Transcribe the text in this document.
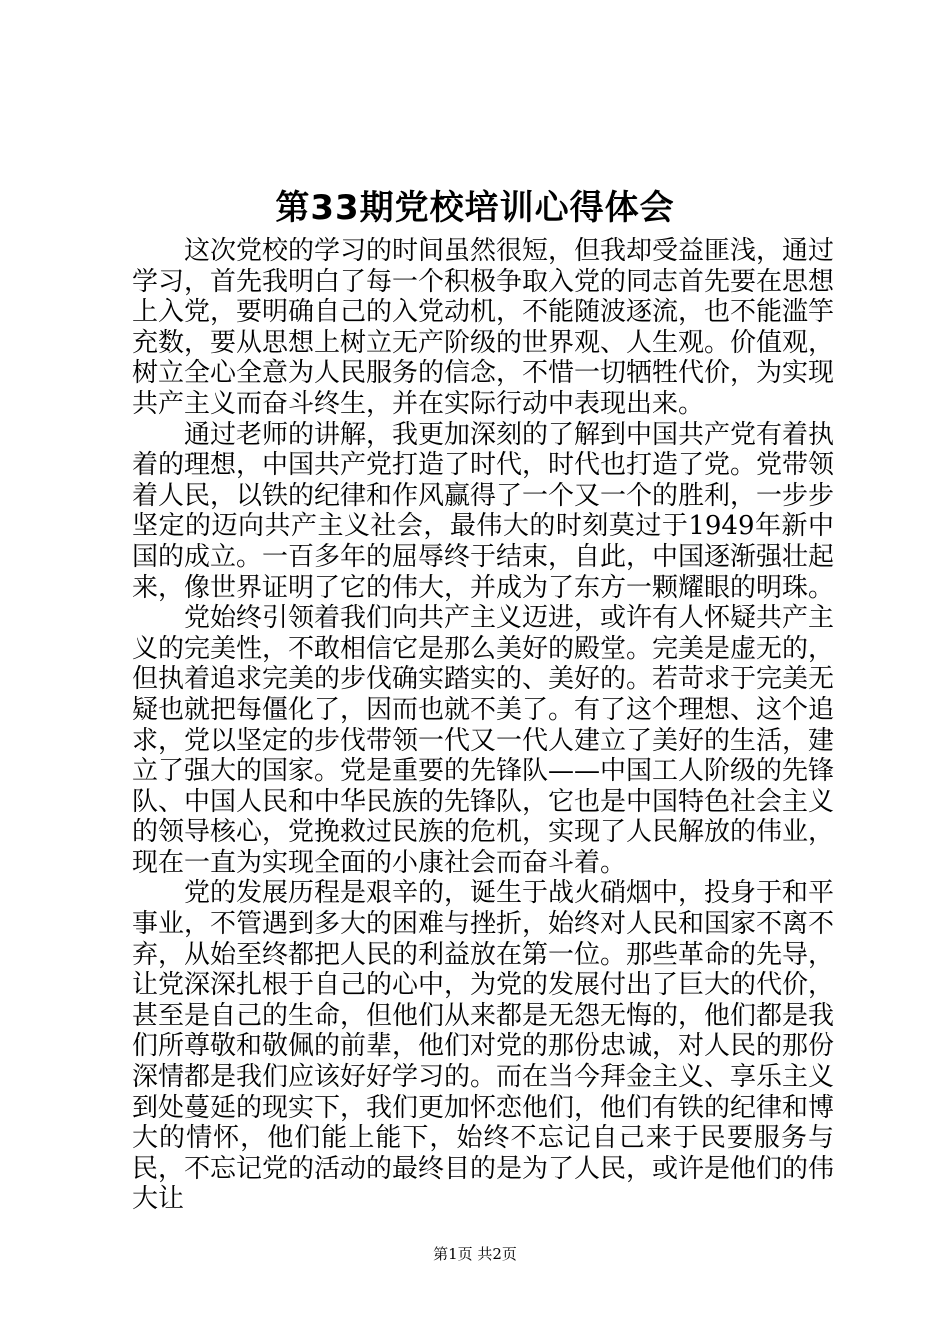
第33期党校培训心得体会

这次党校的学习的时间虽然很短，但我却受益匪浅，通过学习，首先我明白了每一个积极争取入党的同志首先要在思想上入党，要明确自己的入党动机，不能随波逐流，也不能滥竽充数，要从思想上树立无产阶级的世界观、人生观。价值观，树立全心全意为人民服务的信念，不惜一切牺牲代价，为实现共产主义而奋斗终生，并在实际行动中表现出来。

通过老师的讲解，我更加深刻的了解到中国共产党有着执着的理想，中国共产党打造了时代，时代也打造了党。党带领着人民，以铁的纪律和作风赢得了一个又一个的胜利，一步步坚定的迈向共产主义社会，最伟大的时刻莫过于1949年新中国的成立。一百多年的屈辱终于结束，自此，中国逐渐强壮起来，像世界证明了它的伟大，并成为了东方一颗耀眼的明珠。

党始终引领着我们向共产主义迈进，或许有人怀疑共产主义的完美性，不敢相信它是那么美好的殿堂。完美是虚无的，但执着追求完美的步伐确实踏实的、美好的。若苛求于完美无疑也就把每僵化了，因而也就不美了。有了这个理想、这个追求，党以坚定的步伐带领一代又一代人建立了美好的生活，建立了强大的国家。党是重要的先锋队——中国工人阶级的先锋队、中国人民和中华民族的先锋队，它也是中国特色社会主义的领导核心，党挽救过民族的危机，实现了人民解放的伟业，现在一直为实现全面的小康社会而奋斗着。

党的发展历程是艰辛的，诞生于战火硝烟中，投身于和平事业，不管遇到多大的困难与挫折，始终对人民和国家不离不弃，从始至终都把人民的利益放在第一位。那些革命的先导，让党深深扎根于自己的心中，为党的发展付出了巨大的代价，甚至是自己的生命，但他们从来都是无怨无悔的，他们都是我们所尊敬和敬佩的前辈，他们对党的那份忠诚，对人民的那份深情都是我们应该好好学习的。而在当今拜金主义、享乐主义到处蔓延的现实下，我们更加怀恋他们，他们有铁的纪律和博大的情怀，他们能上能下，始终不忘记自己来于民要服务与民，不忘记党的活动的最终目的是为了人民，或许是他们的伟大让

第1页 共2页
